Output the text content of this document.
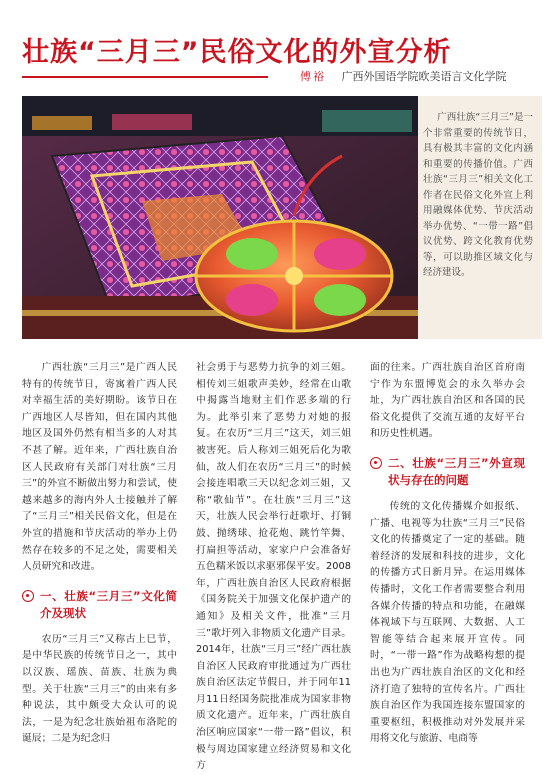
壮族“三月三”民俗文化的外宣分析
傅裕 广西外国语学院欧美语言文化学院
广西壮族“三月三”是一个非常重要的传统节日，具有极其丰富的文化内涵和重要的传播价值。广西壮族“三月三”相关文化工作者在民俗文化外宣上利用融媒体优势、节庆活动举办优势、“一带一路”倡议优势、跨文化教育优势等，可以助推区域文化与经济建设。

广西壮族“三月三”是广西人民特有的传统节日，寄寓着广西人民对幸福生活的美好期盼。该节日在广西地区人尽皆知，但在国内其他地区及国外仍然有相当多的人对其不甚了解。近年来，广西壮族自治区人民政府有关部门对壮族“三月三”的外宣不断做出努力和尝试，使越来越多的海内外人士接触并了解了“三月三”相关民俗文化，但是在外宣的措施和节庆活动的举办上仍然存在较多的不足之处，需要相关人员研究和改进。

一、壮族“三月三”文化简介及现状

农历“三月三”又称古上巳节，是中华民族的传统节日之一，其中以汉族、瑶族、苗族、壮族为典型。关于壮族“三月三”的由来有多种说法，其中颇受大众认可的说法，一是为纪念壮族始祖布洛陀的诞辰；二是为纪念归

社会勇于与恶势力抗争的刘三姐。相传刘三姐歌声美妙，经常在山歌中揭露当地财主们作恶多端的行为。此举引来了恶势力对她的报复。在农历“三月三”这天，刘三姐被害死。后人称刘三姐死后化为歌仙，故人们在农历“三月三”的时候会接连唱歌三天以纪念刘三姐，又称“歌仙节”。在壮族“三月三”这天，壮族人民会举行赶歌圩、打铜鼓、抛绣球、抢花炮、跳竹竿舞、打扁担等活动，家家户户会准备好五色糯米饭以求驱邪保平安。2008年，广西壮族自治区人民政府根据《国务院关于加强文化保护遗产的通知》及相关文件，批准“三月三”歌圩列入非物质文化遗产目录。2014年，壮族“三月三”经广西壮族自治区人民政府审批通过为广西壮族自治区法定节假日，并于同年11月11日经国务院批准成为国家非物质文化遗产。近年来，广西壮族自治区响应国家“一带一路”倡议，积极与周边国家建立经济贸易和文化方

面的往来。广西壮族自治区首府南宁作为东盟博览会的永久举办会址，为广西壮族自治区和各国的民俗文化提供了交流互通的友好平台和历史性机遇。

二、壮族“三月三”外宣现状与存在的问题

传统的文化传播媒介如报纸、广播、电视等为壮族“三月三”民俗文化的传播奠定了一定的基础。随着经济的发展和科技的进步，文化的传播方式日新月异。在运用媒体传播时，文化工作者需要整合利用各媒介传播的特点和功能，在融媒体视域下与互联网、大数据、人工智能等结合起来展开宣传。同时，“一带一路”作为战略构想的提出也为广西壮族自治区的文化和经济打造了独特的宣传名片。广西壮族自治区作为我国连接东盟国家的重要枢纽，积极推动对外发展并采用将文化与旅游、电商等
